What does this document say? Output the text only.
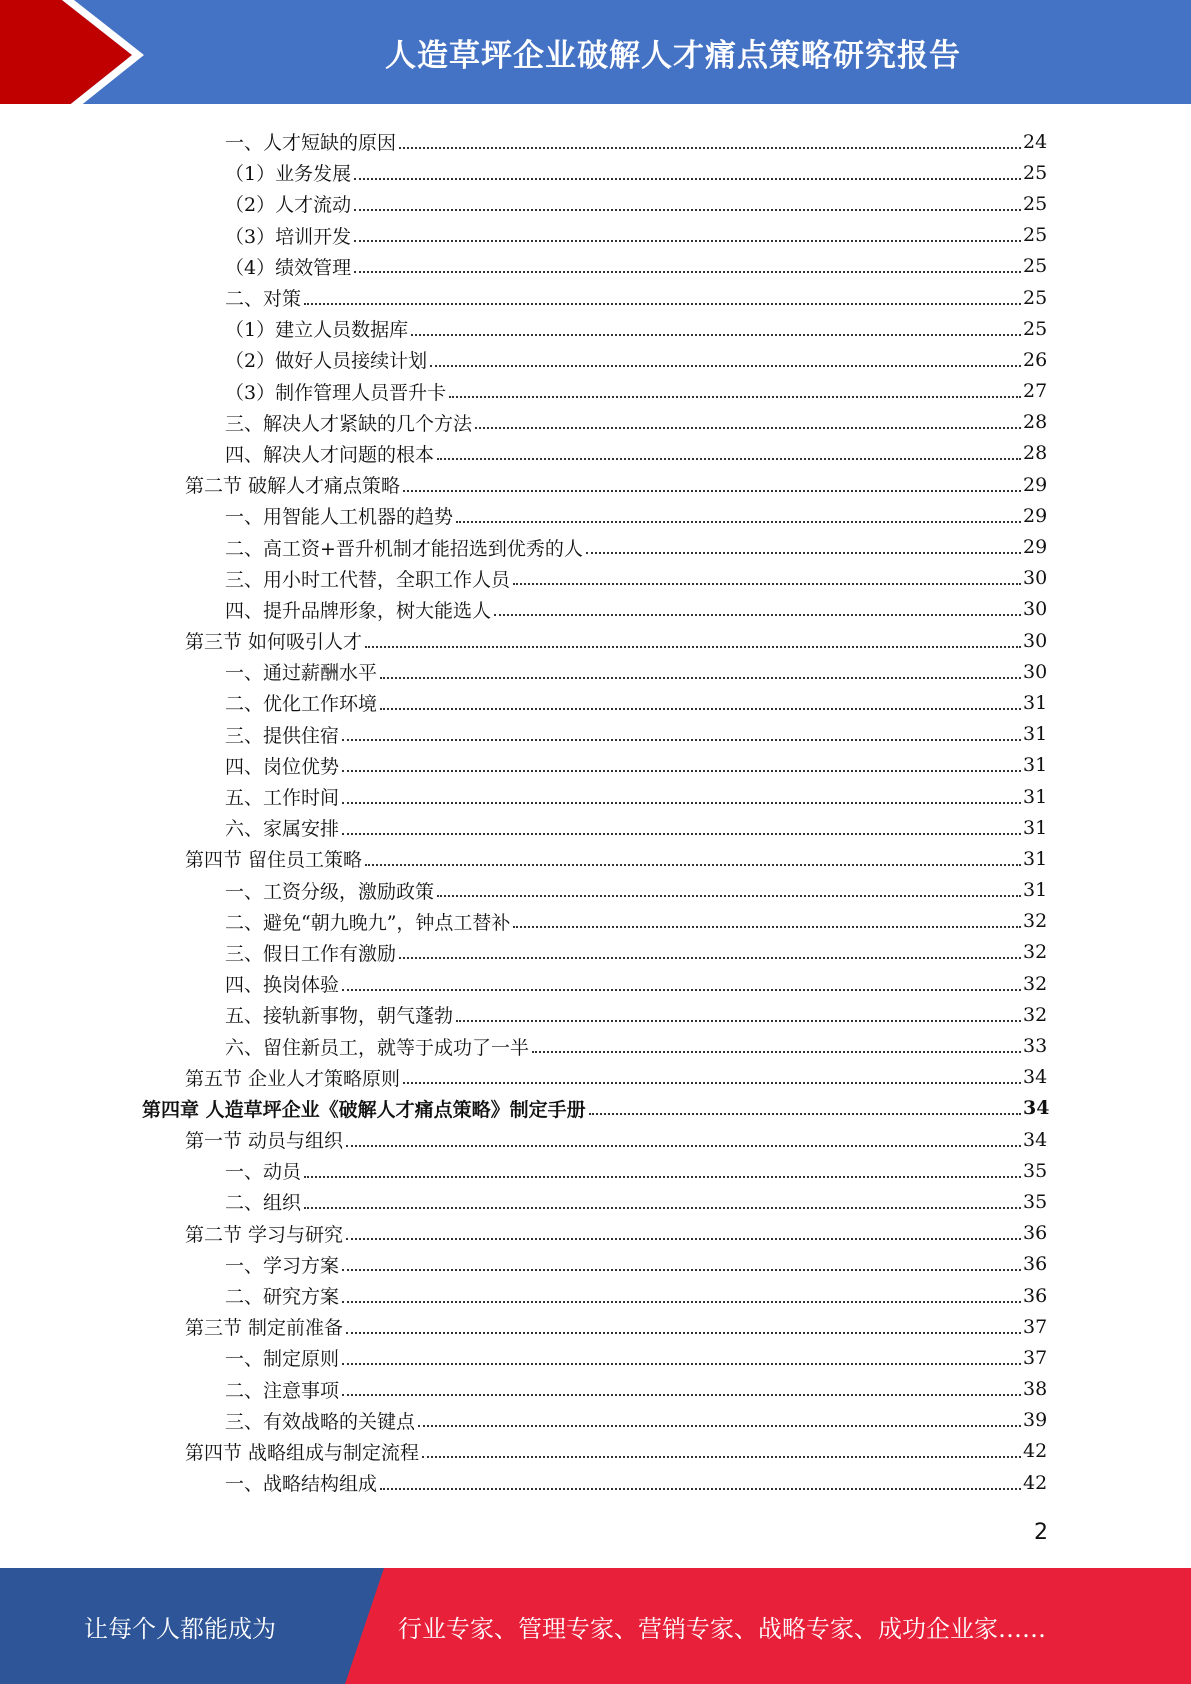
人造草坪企业破解人才痛点策略研究报告
一、人才短缺的原因	24
（1）业务发展	25
（2）人才流动	25
（3）培训开发	25
（4）绩效管理	25
二、对策	25
（1）建立人员数据库	25
（2）做好人员接续计划	26
（3）制作管理人员晋升卡	27
三、解决人才紧缺的几个方法	28
四、解决人才问题的根本	28
第二节 破解人才痛点策略	29
一、用智能人工机器的趋势	29
二、高工资+晋升机制才能招选到优秀的人	29
三、用小时工代替，全职工作人员	30
四、提升品牌形象，树大能选人	30
第三节 如何吸引人才	30
一、通过薪酬水平	30
二、优化工作环境	31
三、提供住宿	31
四、岗位优势	31
五、工作时间	31
六、家属安排	31
第四节 留住员工策略	31
一、工资分级，激励政策	31
二、避免“朝九晚九”，钟点工替补	32
三、假日工作有激励	32
四、换岗体验	32
五、接轨新事物，朝气蓬勃	32
六、留住新员工，就等于成功了一半	33
第五节 企业人才策略原则	34
第四章 人造草坪企业《破解人才痛点策略》制定手册	34
第一节 动员与组织	34
一、动员	35
二、组织	35
第二节 学习与研究	36
一、学习方案	36
二、研究方案	36
第三节 制定前准备	37
一、制定原则	37
二、注意事项	38
三、有效战略的关键点	39
第四节 战略组成与制定流程	42
一、战略结构组成	42
2
让每个人都能成为	行业专家、管理专家、营销专家、战略专家、成功企业家……
